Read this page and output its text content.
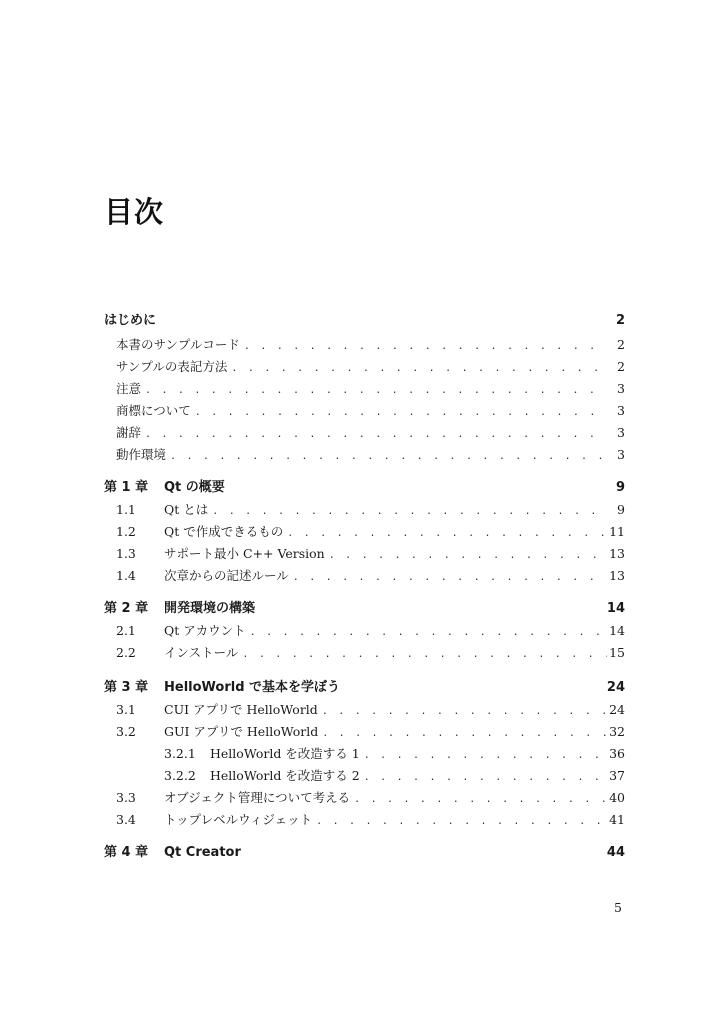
目次
はじめに	2
本書のサンプルコード . . .	2
サンプルの表記方法 . . .	2
注意 . . .	3
商標について . . .	3
謝辞 . . .	3
動作環境 . . .	3
第 1 章	Qt の概要	9
1.1	Qt とは . . .	9
1.2	Qt で作成できるもの . . .	11
1.3	サポート最小 C++ Version . . .	13
1.4	次章からの記述ルール . . .	13
第 2 章	開発環境の構築	14
2.1	Qt アカウント . . .	14
2.2	インストール . . .	15
第 3 章	HelloWorld で基本を学ぼう	24
3.1	CUI アプリで HelloWorld . . .	24
3.2	GUI アプリで HelloWorld . . .	32
3.2.1	HelloWorld を改造する 1 . . .	36
3.2.2	HelloWorld を改造する 2 . . .	37
3.3	オブジェクト管理について考える . . .	40
3.4	トップレベルウィジェット . . .	41
第 4 章	Qt Creator	44
5
